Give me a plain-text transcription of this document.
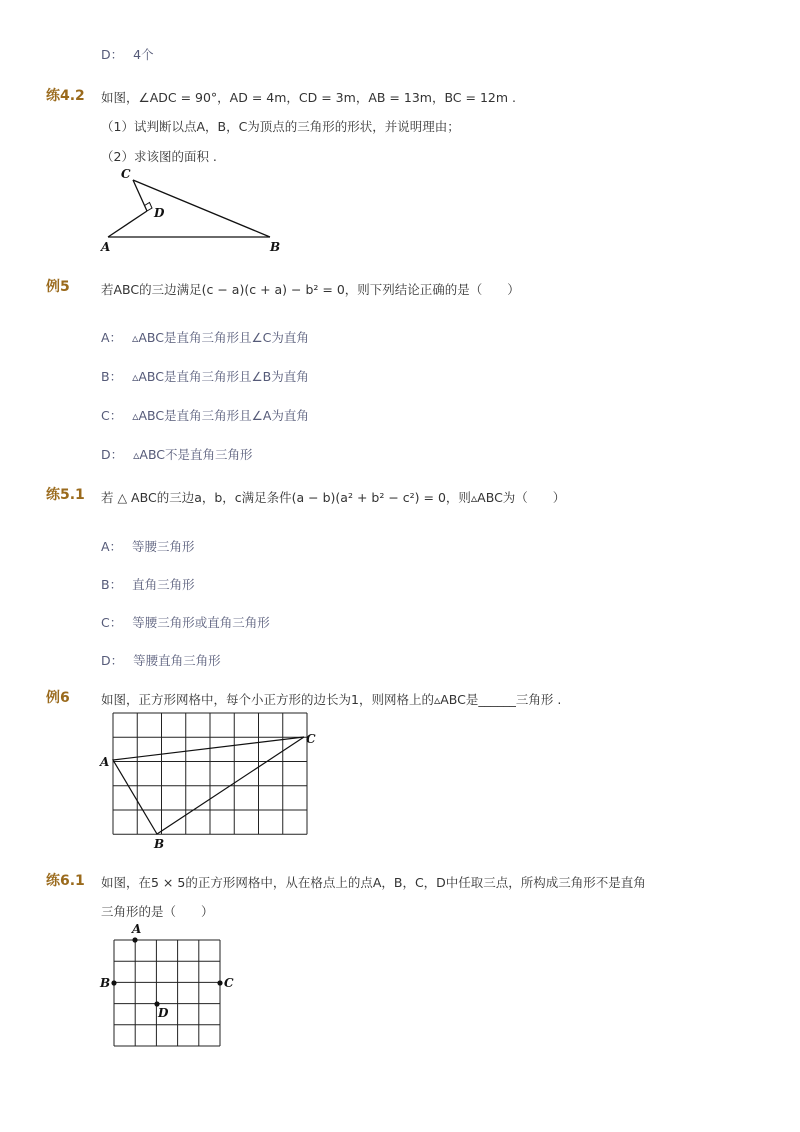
D： 4个
练4.2 如图，∠ADC = 90°，AD = 4m，CD = 3m，AB = 13m，BC = 12m .
（1）试判断以点A，B，C为顶点的三角形的形状，并说明理由；
（2）求该图的面积 .
C
D
A	B
例5	若ABC的三边满足(c − a)(c + a) − b² = 0，则下列结论正确的是（　　）
A： ▵ABC是直角三角形且∠C为直角
B： ▵ABC是直角三角形且∠B为直角
C： ▵ABC是直角三角形且∠A为直角
D： ▵ABC不是直角三角形
练5.1 若 △ ABC的三边a，b，c满足条件(a − b)(a² + b² − c²) = 0，则▵ABC为（　　）
A： 等腰三角形
B： 直角三角形
C： 等腰三角形或直角三角形
D： 等腰直角三角形
例6	如图，正方形网格中，每个小正方形的边长为1，则网格上的▵ABC是______三角形 .
A
B
C
练6.1 如图，在5 × 5的正方形网格中，从在格点上的点A，B，C，D中任取三点，所构成三角形不是直角
三角形的是（　　）
A
B	C
D
